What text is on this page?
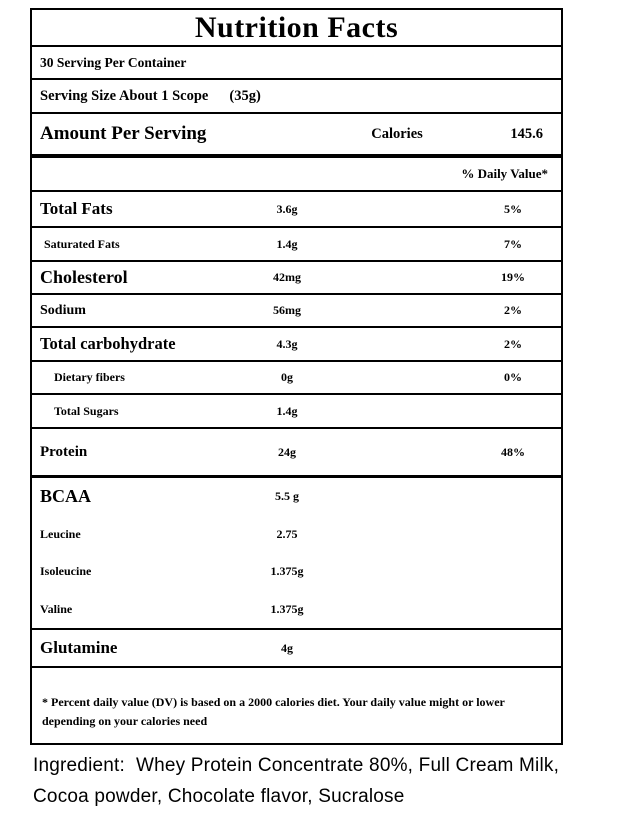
Nutrition Facts
30 Serving Per Container
Serving Size About 1 Scope (35g)
Amount Per Serving	Calories	145.6
% Daily Value*
Total Fats	3.6g	5%
Saturated Fats	1.4g	7%
Cholesterol	42mg	19%
Sodium	56mg	2%
Total carbohydrate	4.3g	2%
Dietary fibers	0g	0%
Total Sugars	1.4g
Protein	24g	48%
BCAA	5.5 g
Leucine	2.75
Isoleucine	1.375g
Valine	1.375g
Glutamine	4g
* Percent daily value (DV) is based on a 2000 calories diet. Your daily value might or lower
depending on your calories need
Ingredient:  Whey Protein Concentrate 80%, Full Cream Milk,
Cocoa powder, Chocolate flavor, Sucralose
